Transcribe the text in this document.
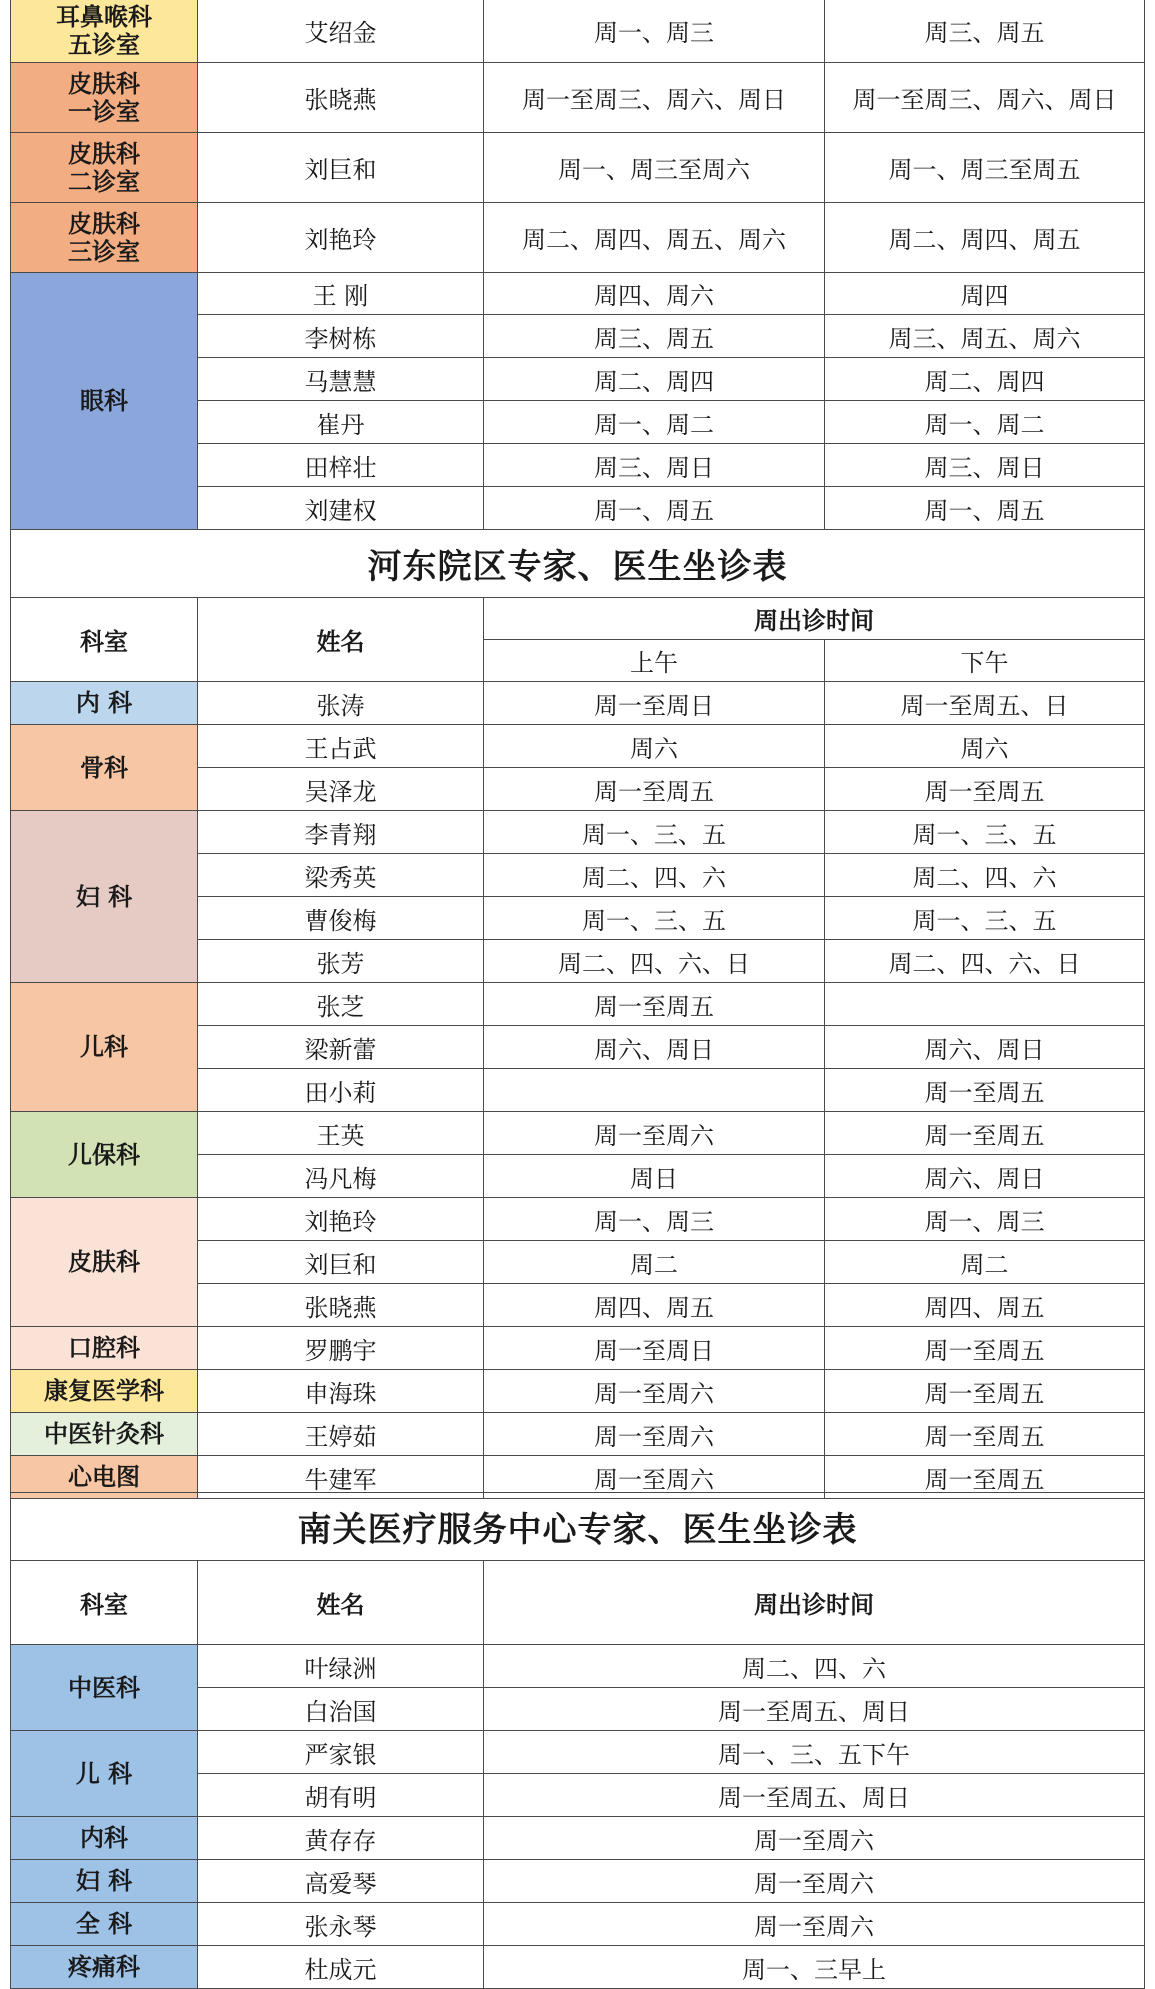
耳鼻喉科
五诊室	艾绍金	周一、周三	周三、周五
皮肤科
一诊室	张晓燕	周一至周三、周六、周日	周一至周三、周六、周日
皮肤科
二诊室	刘巨和	周一、周三至周六	周一、周三至周五
皮肤科
三诊室	刘艳玲	周二、周四、周五、周六	周二、周四、周五
眼科	王 刚	周四、周六	周四
	李树栋	周三、周五	周三、周五、周六
	马慧慧	周二、周四	周二、周四
	崔丹	周一、周二	周一、周二
	田梓壮	周三、周日	周三、周日
	刘建权	周一、周五	周一、周五
河东院区专家、医生坐诊表			
科室	姓名	周出诊时间	
		上午	下午
内 科	张涛	周一至周日	周一至周五、日
骨科	王占武	周六	周六
	吴泽龙	周一至周五	周一至周五
妇 科	李青翔	周一、三、五	周一、三、五
	梁秀英	周二、四、六	周二、四、六
	曹俊梅	周一、三、五	周一、三、五
	张芳	周二、四、六、日	周二、四、六、日
儿科	张芝	周一至周五	
	梁新蕾	周六、周日	周六、周日
	田小莉		周一至周五
儿保科	王英	周一至周六	周一至周五
	冯凡梅	周日	周六、周日
皮肤科	刘艳玲	周一、周三	周一、周三
	刘巨和	周二	周二
	张晓燕	周四、周五	周四、周五
口腔科	罗鹏宇	周一至周日	周一至周五
康复医学科	申海珠	周一至周六	周一至周五
中医针灸科	王婷茹	周一至周六	周一至周五
心电图	牛建军	周一至周六	周一至周五
南关医疗服务中心专家、医生坐诊表		
科室	姓名	周出诊时间
中医科	叶绿洲	周二、四、六
	白治国	周一至周五、周日
儿 科	严家银	周一、三、五下午
	胡有明	周一至周五、周日
内科	黄存存	周一至周六
妇 科	高爱琴	周一至周六
全 科	张永琴	周一至周六
疼痛科	杜成元	周一、三早上
